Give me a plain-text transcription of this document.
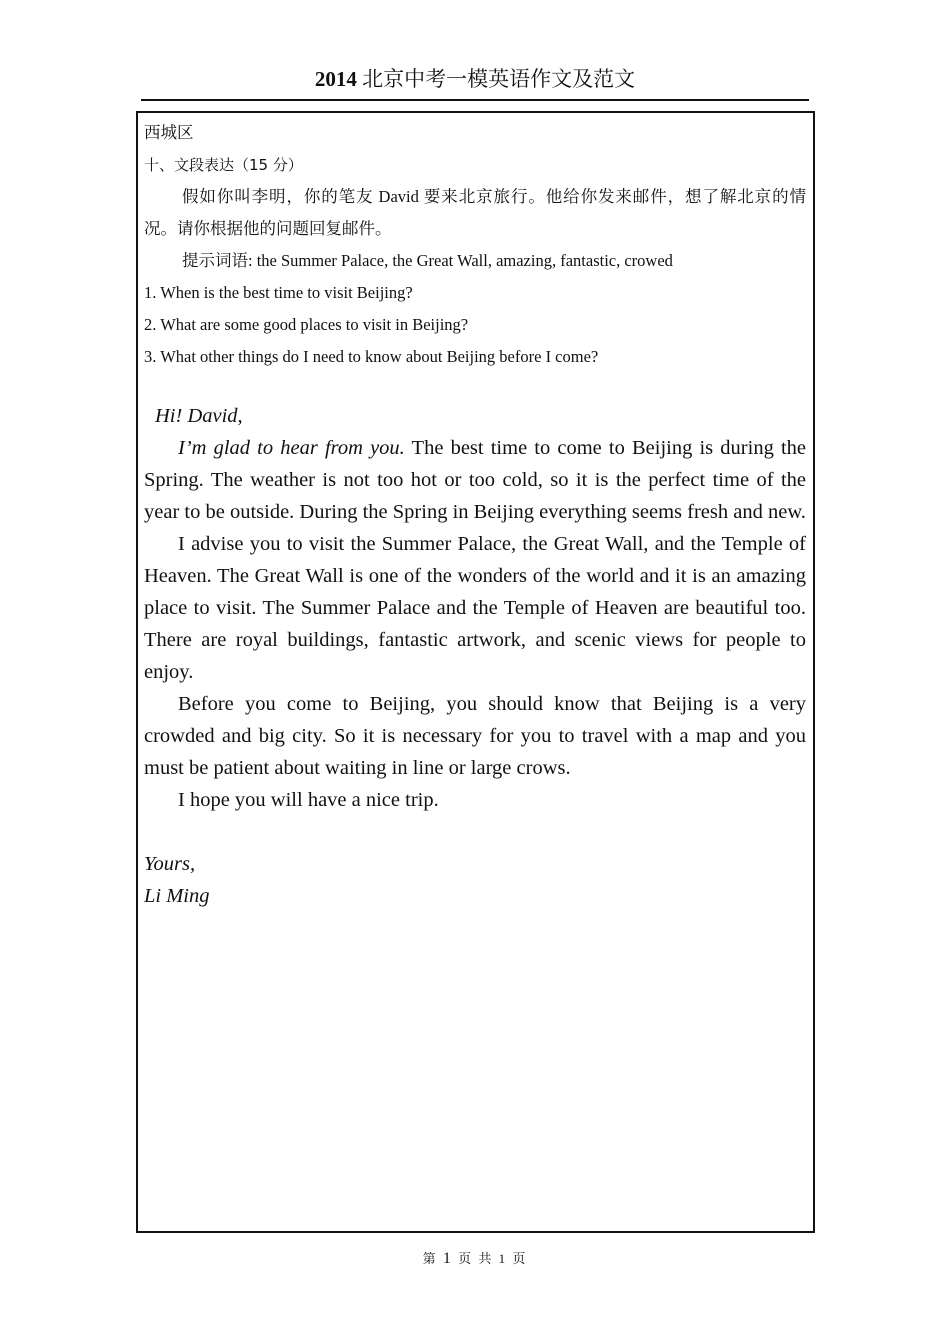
2014 北京中考一模英语作文及范文
西城区
十、文段表达（15 分）
假如你叫李明，你的笔友 David 要来北京旅行。他给你发来邮件，想了解北京的情况。请你根据他的问题回复邮件。
提示词语: the Summer Palace, the Great Wall, amazing, fantastic, crowed
1. When is the best time to visit Beijing?
2. What are some good places to visit in Beijing?
3. What other things do I need to know about Beijing before I come?
Hi! David,

I’m glad to hear from you. The best time to come to Beijing is during the Spring. The weather is not too hot or too cold, so it is the perfect time of the year to be outside. During the Spring in Beijing everything seems fresh and new.

I advise you to visit the Summer Palace, the Great Wall, and the Temple of Heaven. The Great Wall is one of the wonders of the world and it is an amazing place to visit. The Summer Palace and the Temple of Heaven are beautiful too. There are royal buildings, fantastic artwork, and scenic views for people to enjoy.

Before you come to Beijing, you should know that Beijing is a very crowded and big city. So it is necessary for you to travel with a map and you must be patient about waiting in line or large crows.

I hope you will have a nice trip.

Yours,
Li Ming
第 1 页 共 1 页
